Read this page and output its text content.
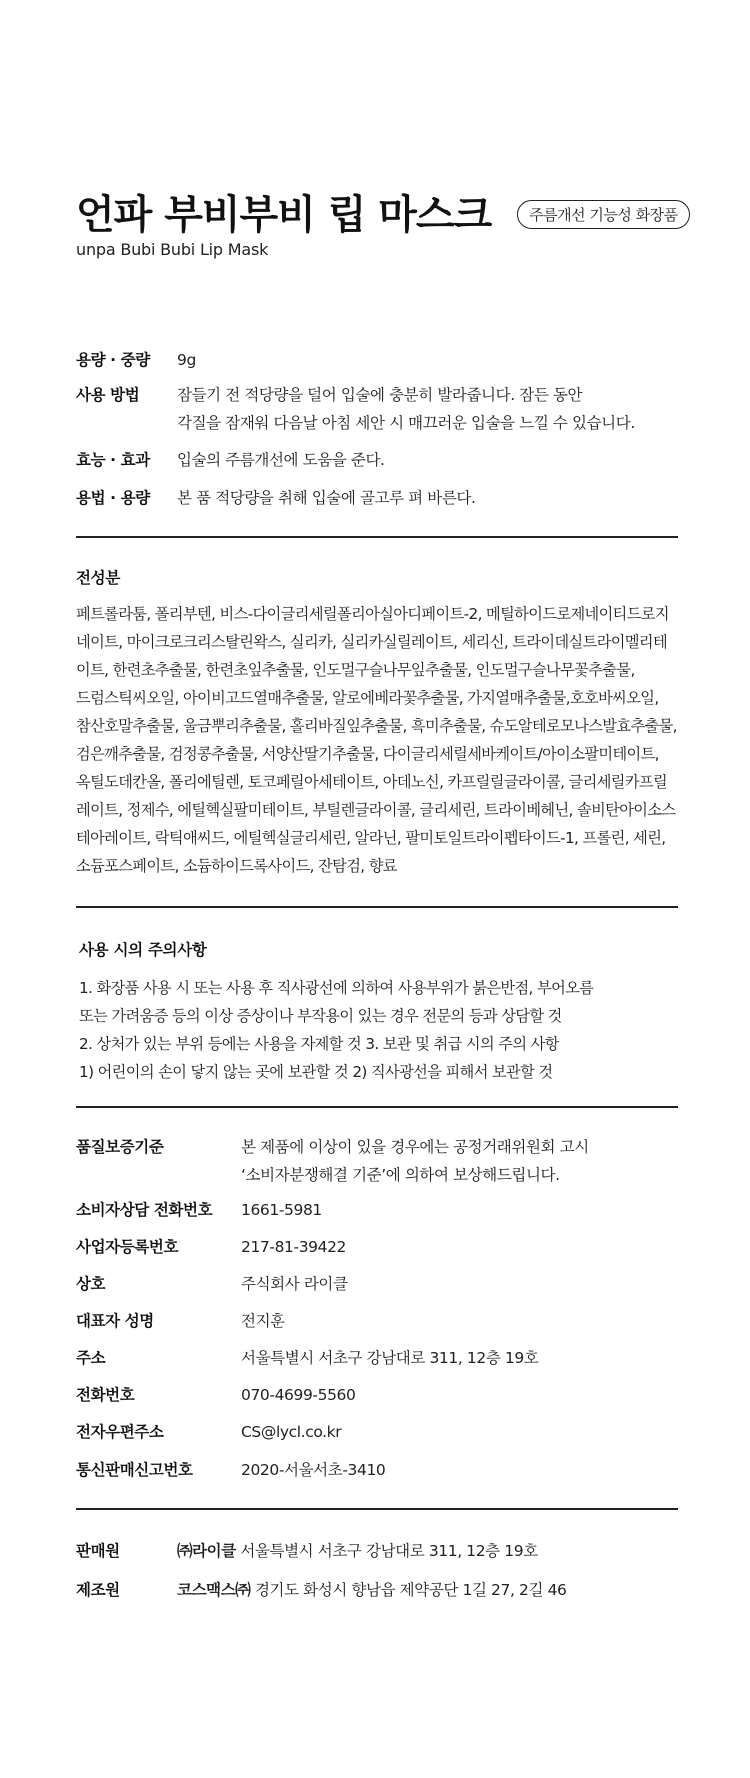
언파 부비부비 립 마스크	주름개선 기능성 화장품
unpa Bubi Bubi Lip Mask
용량 · 중량	9g
사용 방법	잠들기 전 적당량을 덜어 입술에 충분히 발라줍니다. 잠든 동안
각질을 잠재워 다음날 아침 세안 시 매끄러운 입술을 느낄 수 있습니다.
효능 · 효과	입술의 주름개선에 도움을 준다.
용법 · 용량	본 품 적당량을 취해 입술에 골고루 펴 바른다.
전성분
페트롤라툼, 폴리부텐, 비스-다이글리세릴폴리아실아디페이트-2, 메틸하이드로제네이티드로지
네이트, 마이크로크리스탈린왁스, 실리카, 실리카실릴레이트, 세리신, 트라이데실트라이멜리테
이트, 한련초추출물, 한련초잎추출물, 인도멀구슬나무잎추출물, 인도멀구슬나무꽃추출물,
드럼스틱씨오일, 아이비고드열매추출물, 알로에베라꽃추출물, 가지열매추출물,호호바씨오일,
참산호말추출물, 울금뿌리추출물, 홀리바질잎추출물, 흑미추출물, 슈도알테로모나스발효추출물,
검은깨추출물, 검정콩추출물, 서양산딸기추출물, 다이글리세릴세바케이트/아이소팔미테이트,
옥틸도데칸올, 폴리에틸렌, 토코페릴아세테이트, 아데노신, 카프릴릴글라이콜, 글리세릴카프릴
레이트, 정제수, 에틸헥실팔미테이트, 부틸렌글라이콜, 글리세린, 트라이베헤닌, 솔비탄아이소스
테아레이트, 락틱애씨드, 에틸헥실글리세린, 알라닌, 팔미토일트라이펩타이드-1, 프롤린, 세린,
소듐포스페이트, 소듐하이드록사이드, 잔탐검, 향료
사용 시의 주의사항
1. 화장품 사용 시 또는 사용 후 직사광선에 의하여 사용부위가 붉은반점, 부어오름
또는 가려움증 등의 이상 증상이나 부작용이 있는 경우 전문의 등과 상담할 것
2. 상처가 있는 부위 등에는 사용을 자제할 것 3. 보관 및 취급 시의 주의 사항
1) 어린이의 손이 닿지 않는 곳에 보관할 것 2) 직사광선을 피해서 보관할 것
품질보증기준	본 제품에 이상이 있을 경우에는 공정거래위원회 고시
‘소비자분쟁해결 기준’에 의하여 보상해드립니다.
소비자상담 전화번호	1661-5981
사업자등록번호	217-81-39422
상호	주식회사 라이클
대표자 성명	전지훈
주소	서울특별시 서초구 강남대로 311, 12층 19호
전화번호	070-4699-5560
전자우편주소	CS@lycl.co.kr
통신판매신고번호	2020-서울서초-3410
판매원	㈜라이클 서울특별시 서초구 강남대로 311, 12층 19호
제조원	코스맥스㈜ 경기도 화성시 향남읍 제약공단 1길 27, 2길 46
